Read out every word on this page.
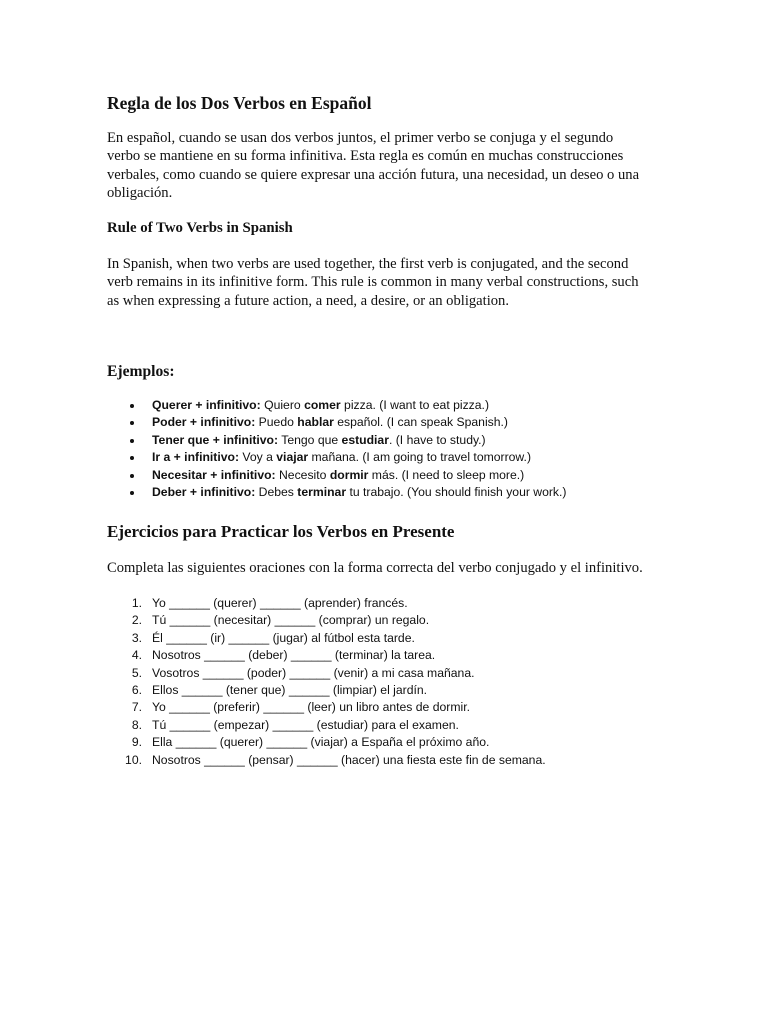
Regla de los Dos Verbos en Español
En español, cuando se usan dos verbos juntos, el primer verbo se conjuga y el segundo
verbo se mantiene en su forma infinitiva. Esta regla es común en muchas construcciones
verbales, como cuando se quiere expresar una acción futura, una necesidad, un deseo o una
obligación.
Rule of Two Verbs in Spanish
In Spanish, when two verbs are used together, the first verb is conjugated, and the second
verb remains in its infinitive form. This rule is common in many verbal constructions, such
as when expressing a future action, a need, a desire, or an obligation.
Ejemplos:
Querer + infinitivo: Quiero comer pizza. (I want to eat pizza.)
Poder + infinitivo: Puedo hablar español. (I can speak Spanish.)
Tener que + infinitivo: Tengo que estudiar. (I have to study.)
Ir a + infinitivo: Voy a viajar mañana. (I am going to travel tomorrow.)
Necesitar + infinitivo: Necesito dormir más. (I need to sleep more.)
Deber + infinitivo: Debes terminar tu trabajo. (You should finish your work.)
Ejercicios para Practicar los Verbos en Presente
Completa las siguientes oraciones con la forma correcta del verbo conjugado y el infinitivo.
1. Yo ______ (querer) ______ (aprender) francés.
2. Tú ______ (necesitar) ______ (comprar) un regalo.
3. Él ______ (ir) ______ (jugar) al fútbol esta tarde.
4. Nosotros ______ (deber) ______ (terminar) la tarea.
5. Vosotros ______ (poder) ______ (venir) a mi casa mañana.
6. Ellos ______ (tener que) ______ (limpiar) el jardín.
7. Yo ______ (preferir) ______ (leer) un libro antes de dormir.
8. Tú ______ (empezar) ______ (estudiar) para el examen.
9. Ella ______ (querer) ______ (viajar) a España el próximo año.
10. Nosotros ______ (pensar) ______ (hacer) una fiesta este fin de semana.
